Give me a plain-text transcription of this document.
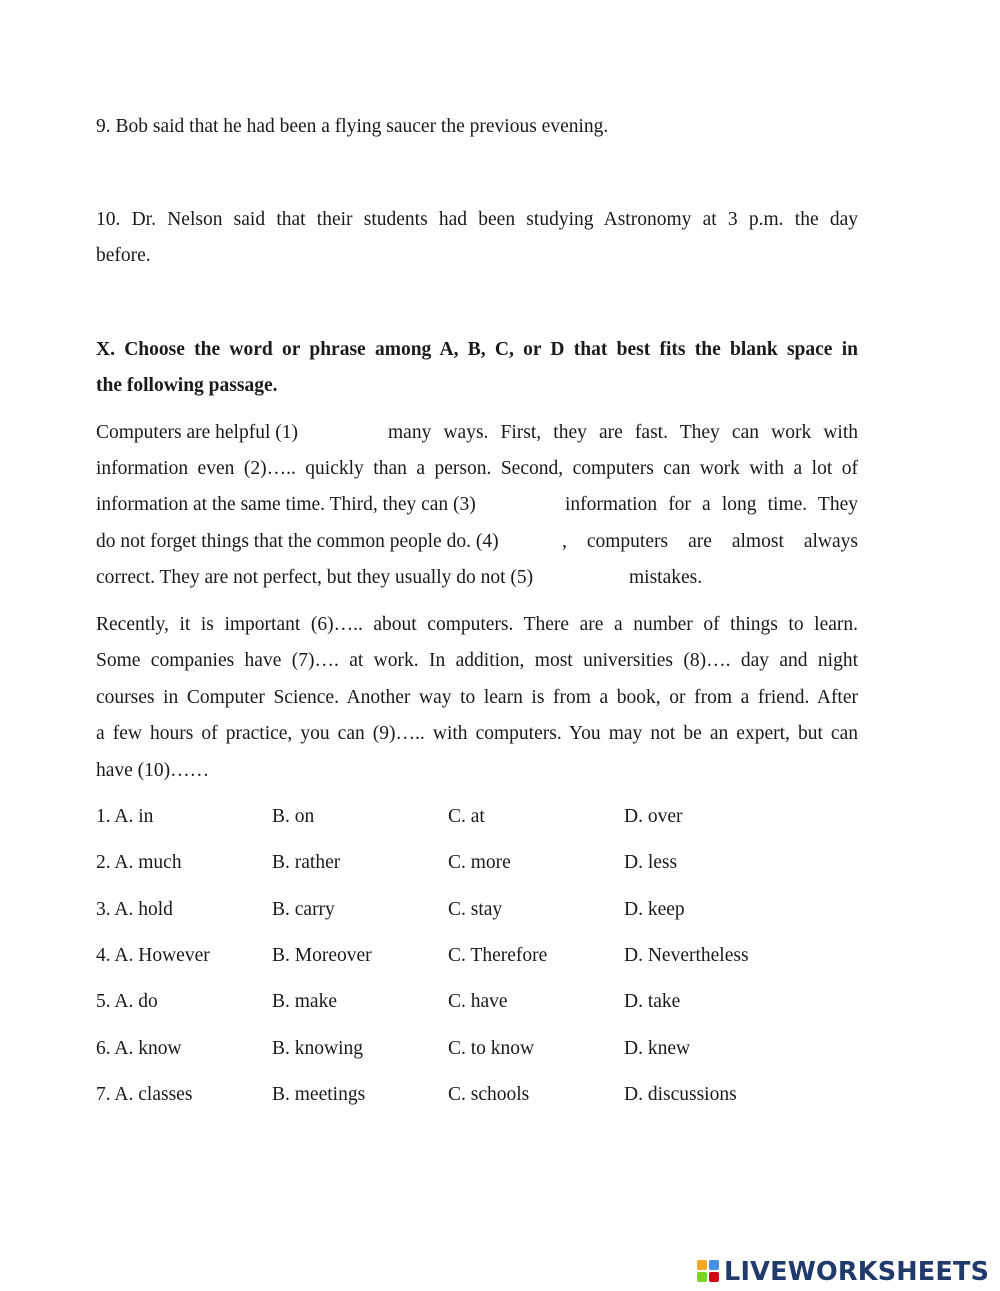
9. Bob said that he had been a flying saucer the previous evening.
10. Dr. Nelson said that their students had been studying Astronomy at 3 p.m. the day
before.
X. Choose the word or phrase among A, B, C, or D that best fits the blank space in
the following passage.
Computers are helpful (1)	many ways. First, they are fast. They can work with
information even (2)….. quickly than a person. Second, computers can work with a lot of
information at the same time. Third, they can (3)	information for a long time. They
do not forget things that the common people do. (4)	, computers are almost always
correct. They are not perfect, but they usually do not (5)	mistakes.
Recently, it is important (6)….. about computers. There are a number of things to learn.
Some companies have (7)…. at work. In addition, most universities (8)…. day and night
courses in Computer Science. Another way to learn is from a book, or from a friend. After
a few hours of practice, you can (9)….. with computers. You may not be an expert, but can
have (10)……
1. A. in	B. on	C. at	D. over
2. A. much	B. rather	C. more	D. less
3. A. hold	B. carry	C. stay	D. keep
4. A. However	B. Moreover	C. Therefore	D. Nevertheless
5. A. do	B. make	C. have	D. take
6. A. know	B. knowing	C. to know	D. knew
7. A. classes	B. meetings	C. schools	D. discussions
LIVEWORKSHEETS
